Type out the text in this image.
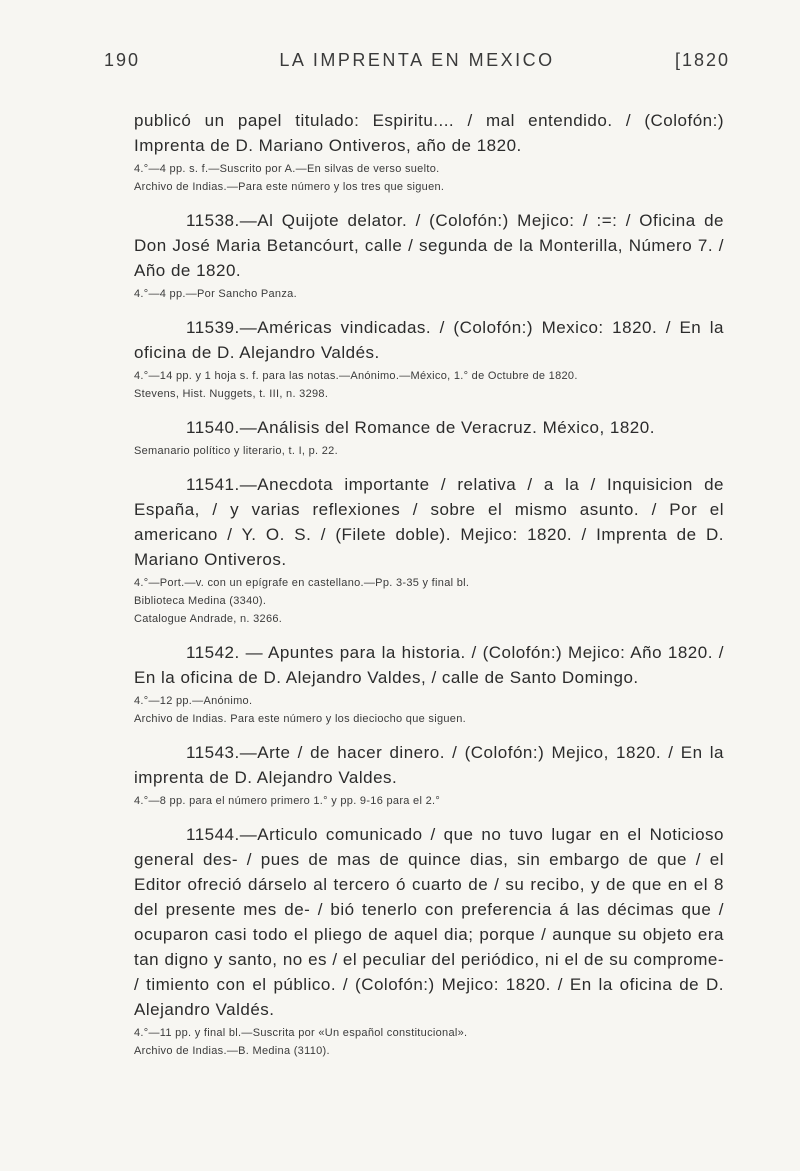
190	LA IMPRENTA EN MEXICO	[1820
publicó un papel titulado: Espiritu.... / mal entendido. / (Colofón:) Imprenta de D. Mariano Ontiveros, año de 1820.
4.°—4 pp. s. f.—Suscrito por A.—En silvas de verso suelto.
Archivo de Indias.—Para este número y los tres que siguen.
11538.—Al Quijote delator. / (Colofón:) Mejico: / :=: / Oficina de Don José Maria Betancóurt, calle / segunda de la Monterilla, Número 7. / Año de 1820.
4.°—4 pp.—Por Sancho Panza.
11539.—Américas vindicadas. / (Colofón:) Mexico: 1820. / En la oficina de D. Alejandro Valdés.
4.°—14 pp. y 1 hoja s. f. para las notas.—Anónimo.—México, 1.° de Octubre de 1820.
Stevens, Hist. Nuggets, t. III, n. 3298.
11540.—Análisis del Romance de Veracruz. México, 1820.
Semanario político y literario, t. I, p. 22.
11541.—Anecdota importante / relativa / a la / Inquisicion de España, / y varias reflexiones / sobre el mismo asunto. / Por el americano / Y. O. S. / (Filete doble). Mejico: 1820. / Imprenta de D. Mariano Ontiveros.
4.°—Port.—v. con un epígrafe en castellano.—Pp. 3-35 y final bl.
Biblioteca Medina (3340).
Catalogue Andrade, n. 3266.
11542. — Apuntes para la historia. / (Colofón:) Mejico: Año 1820. / En la oficina de D. Alejandro Valdes, / calle de Santo Domingo.
4.°—12 pp.—Anónimo.
Archivo de Indias. Para este número y los dieciocho que siguen.
11543.—Arte / de hacer dinero. / (Colofón:) Mejico, 1820. / En la imprenta de D. Alejandro Valdes.
4.°—8 pp. para el número primero 1.° y pp. 9-16 para el 2.°
11544.—Articulo comunicado / que no tuvo lugar en el Noticioso general des- / pues de mas de quince dias, sin embargo de que / el Editor ofreció dárselo al tercero ó cuarto de / su recibo, y de que en el 8 del presente mes de- / bió tenerlo con preferencia á las décimas que / ocuparon casi todo el pliego de aquel dia; porque / aunque su objeto era tan digno y santo, no es / el peculiar del periódico, ni el de su comprome- / timiento con el público. / (Colofón:) Mejico: 1820. / En la oficina de D. Alejandro Valdés.
4.°—11 pp. y final bl.—Suscrita por «Un español constitucional».
Archivo de Indias.—B. Medina (3110).
